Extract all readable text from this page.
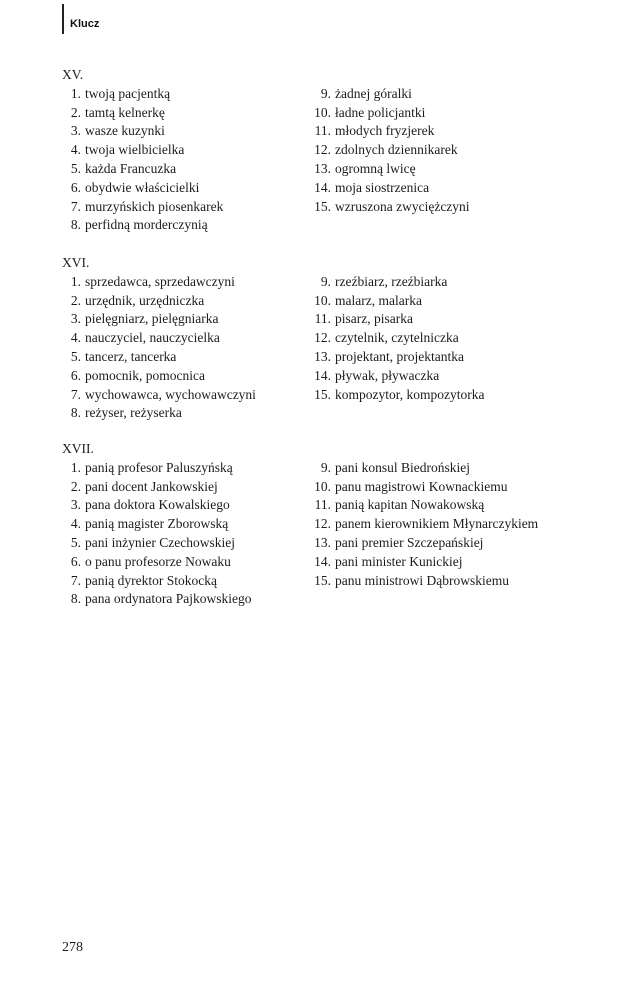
Klucz
XV.
1. twoją pacjentką
2. tamtą kelnerkę
3. wasze kuzynki
4. twoja wielbicielka
5. każda Francuzka
6. obydwie właścicielki
7. murzyńskich piosenkarek
8. perfidną morderczynią
9. żadnej góralki
10. ładne policjantki
11. młodych fryzjerek
12. zdolnych dziennikarek
13. ogromną lwicę
14. moja siostrzenica
15. wzruszona zwyciężczyni
XVI.
1. sprzedawca, sprzedawczyni
2. urzędnik, urzędniczka
3. pielęgniarz, pielęgniarka
4. nauczyciel, nauczycielka
5. tancerz, tancerka
6. pomocnik, pomocnica
7. wychowawca, wychowawczyni
8. reżyser, reżyserka
9. rzeźbiarz, rzeźbiarka
10. malarz, malarka
11. pisarz, pisarka
12. czytelnik, czytelniczka
13. projektant, projektantka
14. pływak, pływaczka
15. kompozytor, kompozytorka
XVII.
1. panią profesor Paluszyńską
2. pani docent Jankowskiej
3. pana doktora Kowalskiego
4. panią magister Zborowską
5. pani inżynier Czechowskiej
6. o panu profesorze Nowaku
7. panią dyrektor Stokocką
8. pana ordynatora Pajkowskiego
9. pani konsul Biedrońskiej
10. panu magistrowi Kownackiemu
11. panią kapitan Nowakowską
12. panem kierownikiem Młynarczykiem
13. pani premier Szczepańskiej
14. pani minister Kunickiej
15. panu ministrowi Dąbrowskiemu
278
